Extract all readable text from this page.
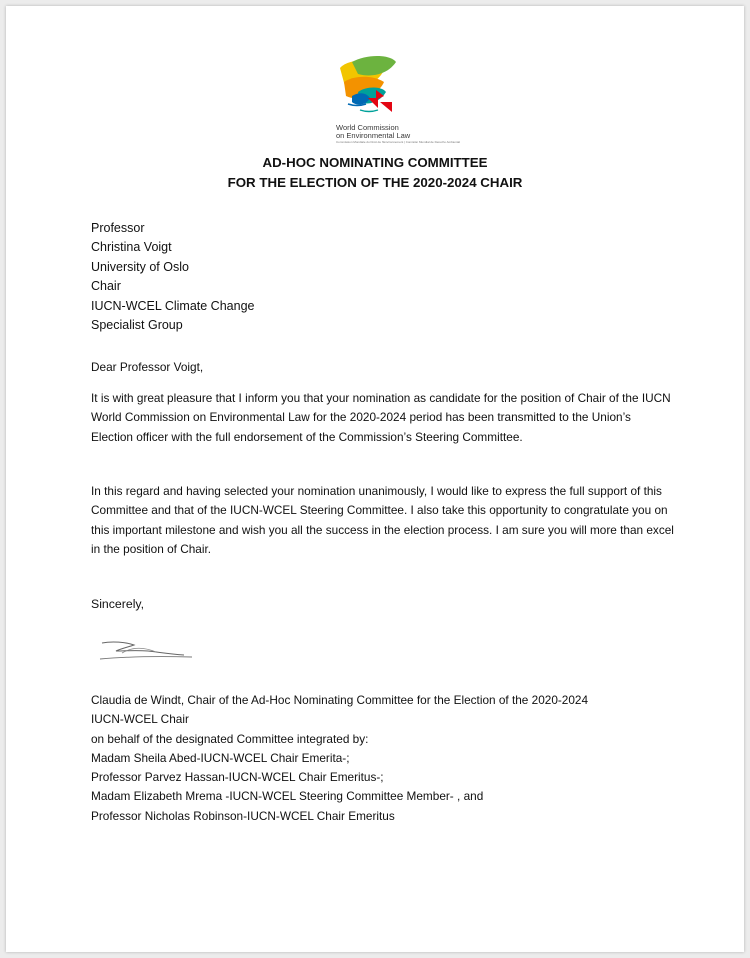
World Commission
on Environmental Law
Commission Mondiale du Droit de l'Environnement | Comisión Mundial de Derecho Ambiental
AD-HOC NOMINATING COMMITTEE
FOR THE ELECTION OF THE 2020-2024 CHAIR
Professor
Christina Voigt
University of Oslo
Chair
IUCN-WCEL Climate Change
Specialist Group
Dear Professor Voigt,
It is with great pleasure that I inform you that your nomination as candidate for the position of Chair of the IUCN World Commission on Environmental Law for the 2020-2024 period has been transmitted to the Union’s Election officer with the full endorsement of the Commission’s Steering Committee.
In this regard and having selected your nomination unanimously, I would like to express the full support of this Committee and that of the IUCN-WCEL Steering Committee. I also take this opportunity to congratulate you on this important milestone and wish you all the success in the election process. I am sure you will more than excel in the position of Chair.
Sincerely,
Claudia de Windt, Chair of the Ad-Hoc Nominating Committee for the Election of the 2020-2024
IUCN-WCEL Chair
on behalf of the designated Committee integrated by:
Madam Sheila Abed-IUCN-WCEL Chair Emerita-;
Professor Parvez Hassan-IUCN-WCEL Chair Emeritus-;
Madam Elizabeth Mrema -IUCN-WCEL Steering Committee Member- , and
Professor Nicholas Robinson-IUCN-WCEL Chair Emeritus
